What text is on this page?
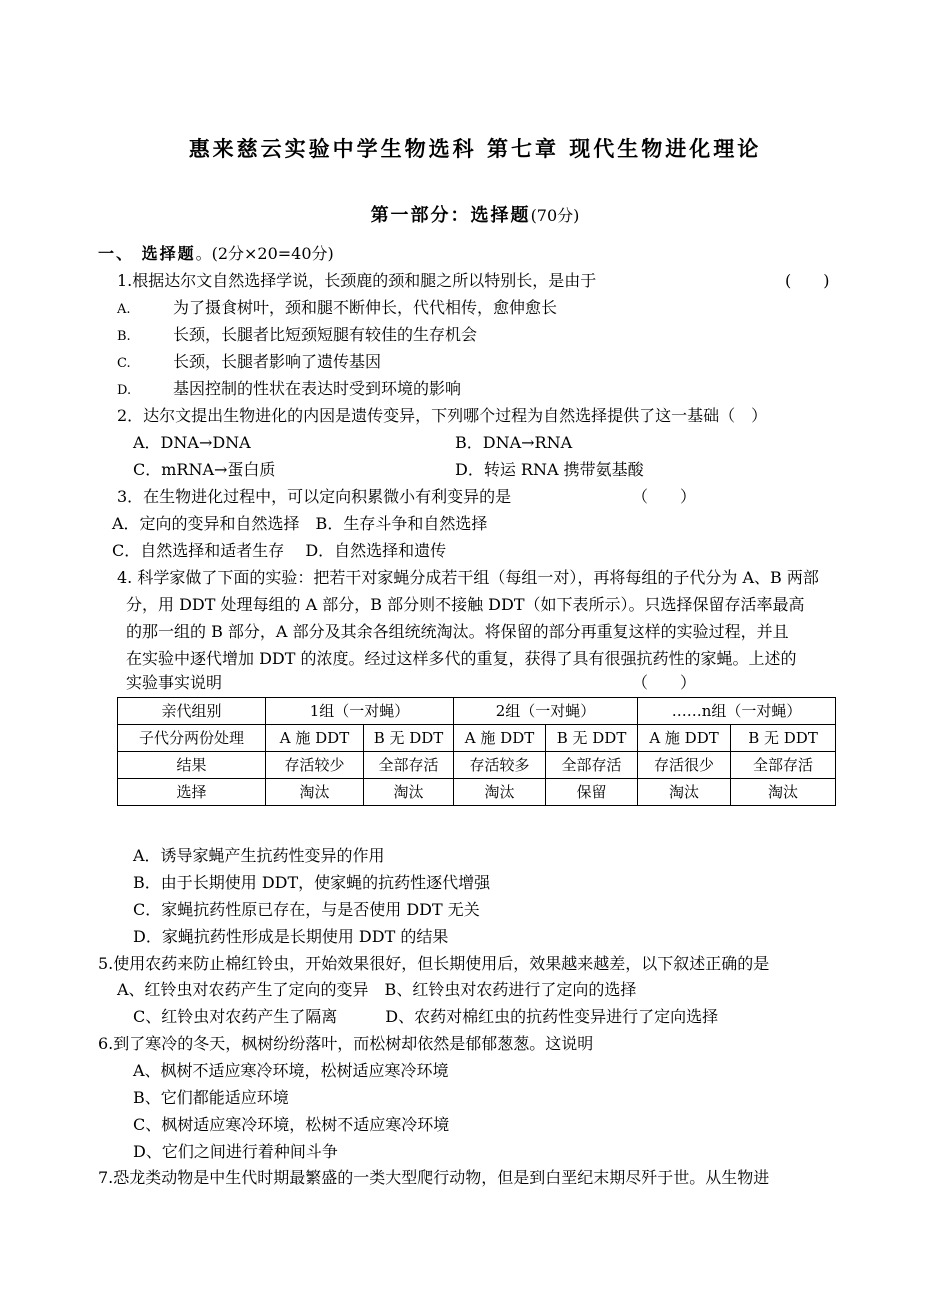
惠来慈云实验中学生物选科 第七章 现代生物进化理论
第一部分：选择题(70分)
一、 选择题。(2分×20=40分)
1.根据达尔文自然选择学说，长颈鹿的颈和腿之所以特别长，是由于	(　　)
A.	为了摄食树叶，颈和腿不断伸长，代代相传，愈伸愈长
B.	长颈，长腿者比短颈短腿有较佳的生存机会
C.	长颈，长腿者影响了遗传基因
D.	基因控制的性状在表达时受到环境的影响
2．达尔文提出生物进化的内因是遗传变异，下列哪个过程为自然选择提供了这一基础（　）
A．DNA→DNA	B．DNA→RNA
C．mRNA→蛋白质	D．转运 RNA 携带氨基酸
3．在生物进化过程中，可以定向积累微小有利变异的是	（　　）
A．定向的变异和自然选择　B．生存斗争和自然选择
C．自然选择和适者生存　 D．自然选择和遗传
4. 科学家做了下面的实验：把若干对家蝇分成若干组（每组一对），再将每组的子代分为 A、B 两部
分，用 DDT 处理每组的 A 部分，B 部分则不接触 DDT（如下表所示）。只选择保留存活率最高
的那一组的 B 部分，A 部分及其余各组统统淘汰。将保留的部分再重复这样的实验过程，并且
在实验中逐代增加 DDT 的浓度。经过这样多代的重复，获得了具有很强抗药性的家蝇。上述的
实验事实说明	（　　）
亲代组别	1组（一对蝇）		2组（一对蝇）		……n组（一对蝇）	
子代分两份处理	A 施 DDT	B 无 DDT	A 施 DDT	B 无 DDT	A 施 DDT	B 无 DDT
结果	存活较少	全部存活	存活较多	全部存活	存活很少	全部存活
选择	淘汰	淘汰	淘汰	保留	淘汰	淘汰
A．诱导家蝇产生抗药性变异的作用
B．由于长期使用 DDT，使家蝇的抗药性逐代增强
C．家蝇抗药性原已存在，与是否使用 DDT 无关
D．家蝇抗药性形成是长期使用 DDT 的结果
5.使用农药来防止棉红铃虫，开始效果很好，但长期使用后，效果越来越差，以下叙述正确的是
A、红铃虫对农药产生了定向的变异　B、红铃虫对农药进行了定向的选择
C、红铃虫对农药产生了隔离　　　D、农药对棉红虫的抗药性变异进行了定向选择
6.到了寒冷的冬天，枫树纷纷落叶，而松树却依然是郁郁葱葱。这说明
A、枫树不适应寒冷环境，松树适应寒冷环境
B、它们都能适应环境
C、枫树适应寒冷环境，松树不适应寒冷环境
D、它们之间进行着种间斗争
7.恐龙类动物是中生代时期最繁盛的一类大型爬行动物，但是到白垩纪末期尽歼于世。从生物进
